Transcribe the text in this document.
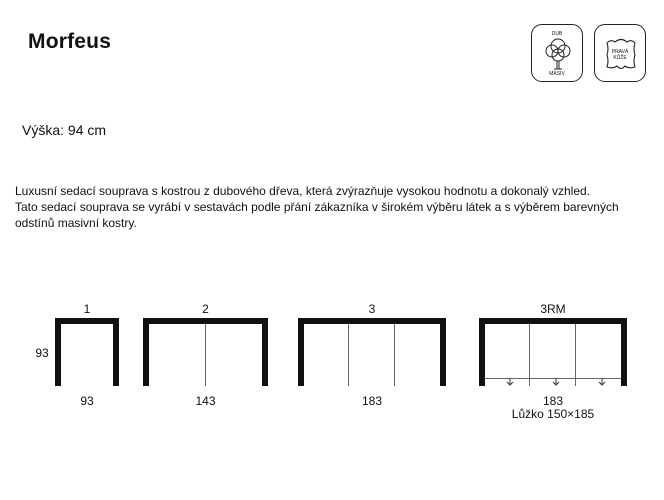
Morfeus	DUB
MASIV
PRAVÁ
KŮŽE
Výška: 94 cm
Luxusní sedací souprava s kostrou z dubového dřeva, která zvýrazňuje vysokou hodnotu a dokonalý vzhled.
Tato sedací souprava se vyrábí v sestavách podle přání zákazníka v širokém výběru látek a s výběrem barevných
odstínů masivní kostry.
93
1
93
2
143
3
183
3RM
183
Lůžko 150×185
